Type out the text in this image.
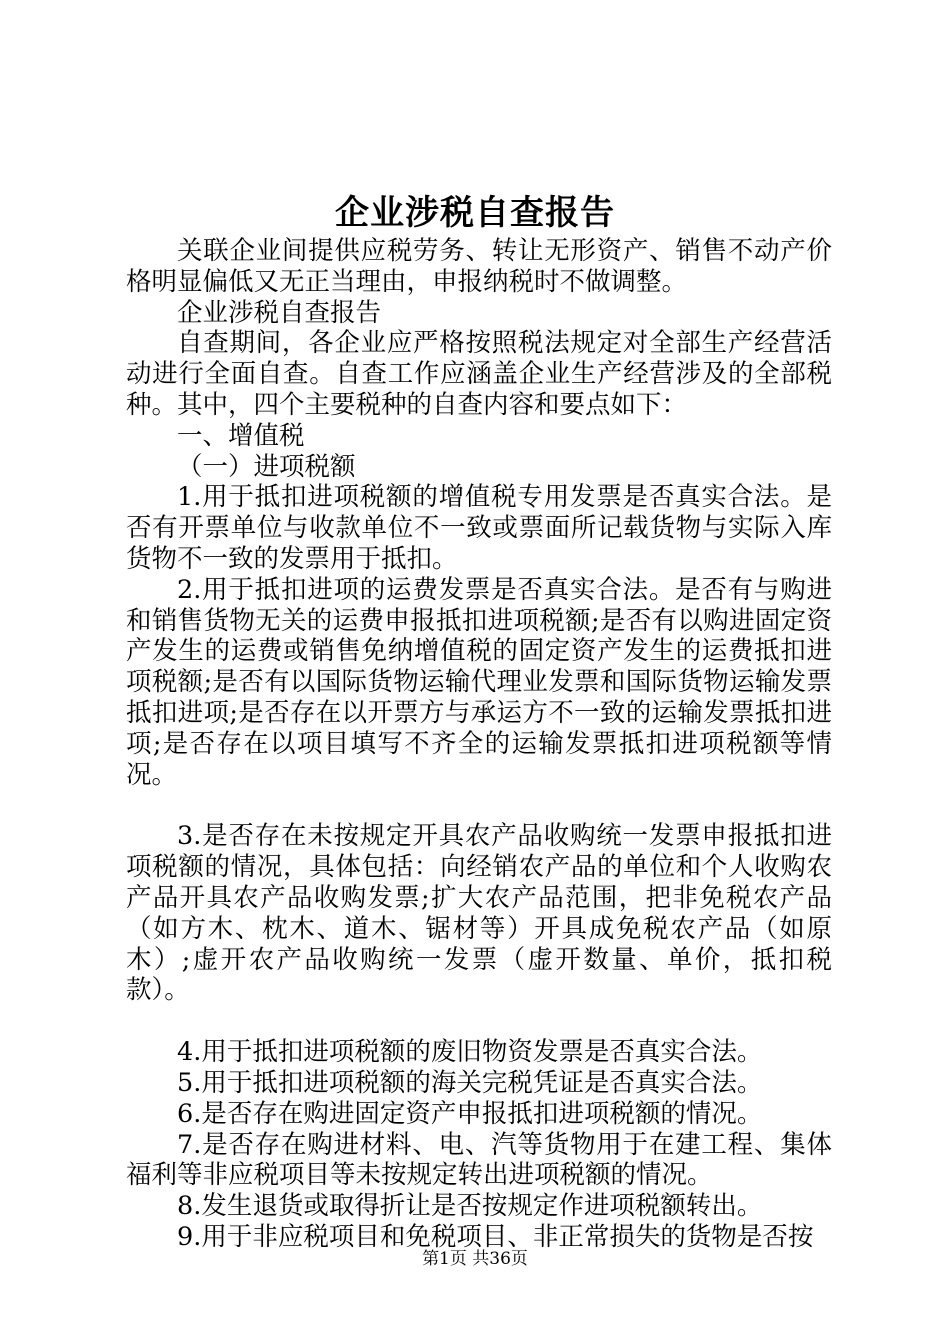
企业涉税自查报告

关联企业间提供应税劳务、转让无形资产、销售不动产价格明显偏低又无正当理由，申报纳税时不做调整。

企业涉税自查报告

自查期间，各企业应严格按照税法规定对全部生产经营活动进行全面自查。自查工作应涵盖企业生产经营涉及的全部税种。其中，四个主要税种的自查内容和要点如下：

一、增值税

（一）进项税额

1.用于抵扣进项税额的增值税专用发票是否真实合法。是否有开票单位与收款单位不一致或票面所记载货物与实际入库货物不一致的发票用于抵扣。

2.用于抵扣进项的运费发票是否真实合法。是否有与购进和销售货物无关的运费申报抵扣进项税额;是否有以购进固定资产发生的运费或销售免纳增值税的固定资产发生的运费抵扣进项税额;是否有以国际货物运输代理业发票和国际货物运输发票抵扣进项;是否存在以开票方与承运方不一致的运输发票抵扣进项;是否存在以项目填写不齐全的运输发票抵扣进项税额等情况。

3.是否存在未按规定开具农产品收购统一发票申报抵扣进项税额的情况，具体包括：向经销农产品的单位和个人收购农产品开具农产品收购发票;扩大农产品范围，把非免税农产品（如方木、枕木、道木、锯材等）开具成免税农产品（如原木）;虚开农产品收购统一发票（虚开数量、单价，抵扣税款）。

4.用于抵扣进项税额的废旧物资发票是否真实合法。

5.用于抵扣进项税额的海关完税凭证是否真实合法。

6.是否存在购进固定资产申报抵扣进项税额的情况。

7.是否存在购进材料、电、汽等货物用于在建工程、集体福利等非应税项目等未按规定转出进项税额的情况。

8.发生退货或取得折让是否按规定作进项税额转出。

9.用于非应税项目和免税项目、非正常损失的货物是否按

第1页 共36页
